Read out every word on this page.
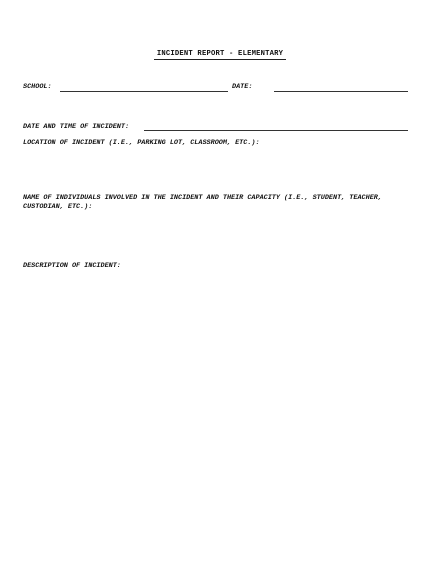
INCIDENT REPORT - ELEMENTARY
SCHOOL:	DATE:
DATE AND TIME OF INCIDENT:
LOCATION OF INCIDENT (I.E., PARKING LOT, CLASSROOM, ETC.):
NAME OF INDIVIDUALS INVOLVED IN THE INCIDENT AND THEIR CAPACITY (I.E., STUDENT, TEACHER, CUSTODIAN, ETC.):
DESCRIPTION OF INCIDENT:
